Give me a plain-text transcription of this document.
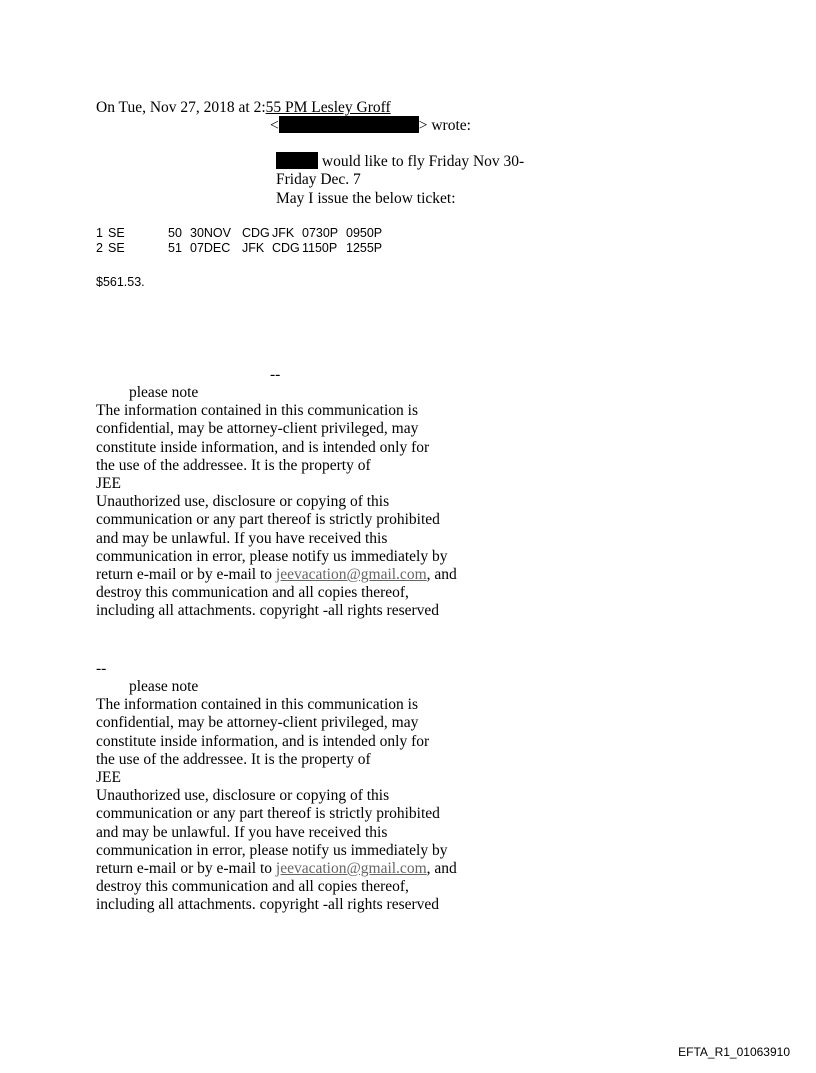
On Tue, Nov 27, 2018 at 2:55 PM Lesley Groff
<	> wrote:
would like to fly Friday Nov 30-
Friday Dec. 7
May I issue the below ticket:
1 SE	50 30NOV CDG JFK 0730P 0950P
2 SE	51 07DEC JFK CDG 1150P 1255P
$561.53.
--
please note
The information contained in this communication is
confidential, may be attorney-client privileged, may
constitute inside information, and is intended only for
the use of the addressee. It is the property of
JEE
Unauthorized use, disclosure or copying of this
communication or any part thereof is strictly prohibited
and may be unlawful. If you have received this
communication in error, please notify us immediately by
return e-mail or by e-mail to jeevacation@gmail.com, and
destroy this communication and all copies thereof,
including all attachments. copyright -all rights reserved
--
please note
The information contained in this communication is
confidential, may be attorney-client privileged, may
constitute inside information, and is intended only for
the use of the addressee. It is the property of
JEE
Unauthorized use, disclosure or copying of this
communication or any part thereof is strictly prohibited
and may be unlawful. If you have received this
communication in error, please notify us immediately by
return e-mail or by e-mail to jeevacation@gmail.com, and
destroy this communication and all copies thereof,
including all attachments. copyright -all rights reserved
EFTA_R1_01063910
